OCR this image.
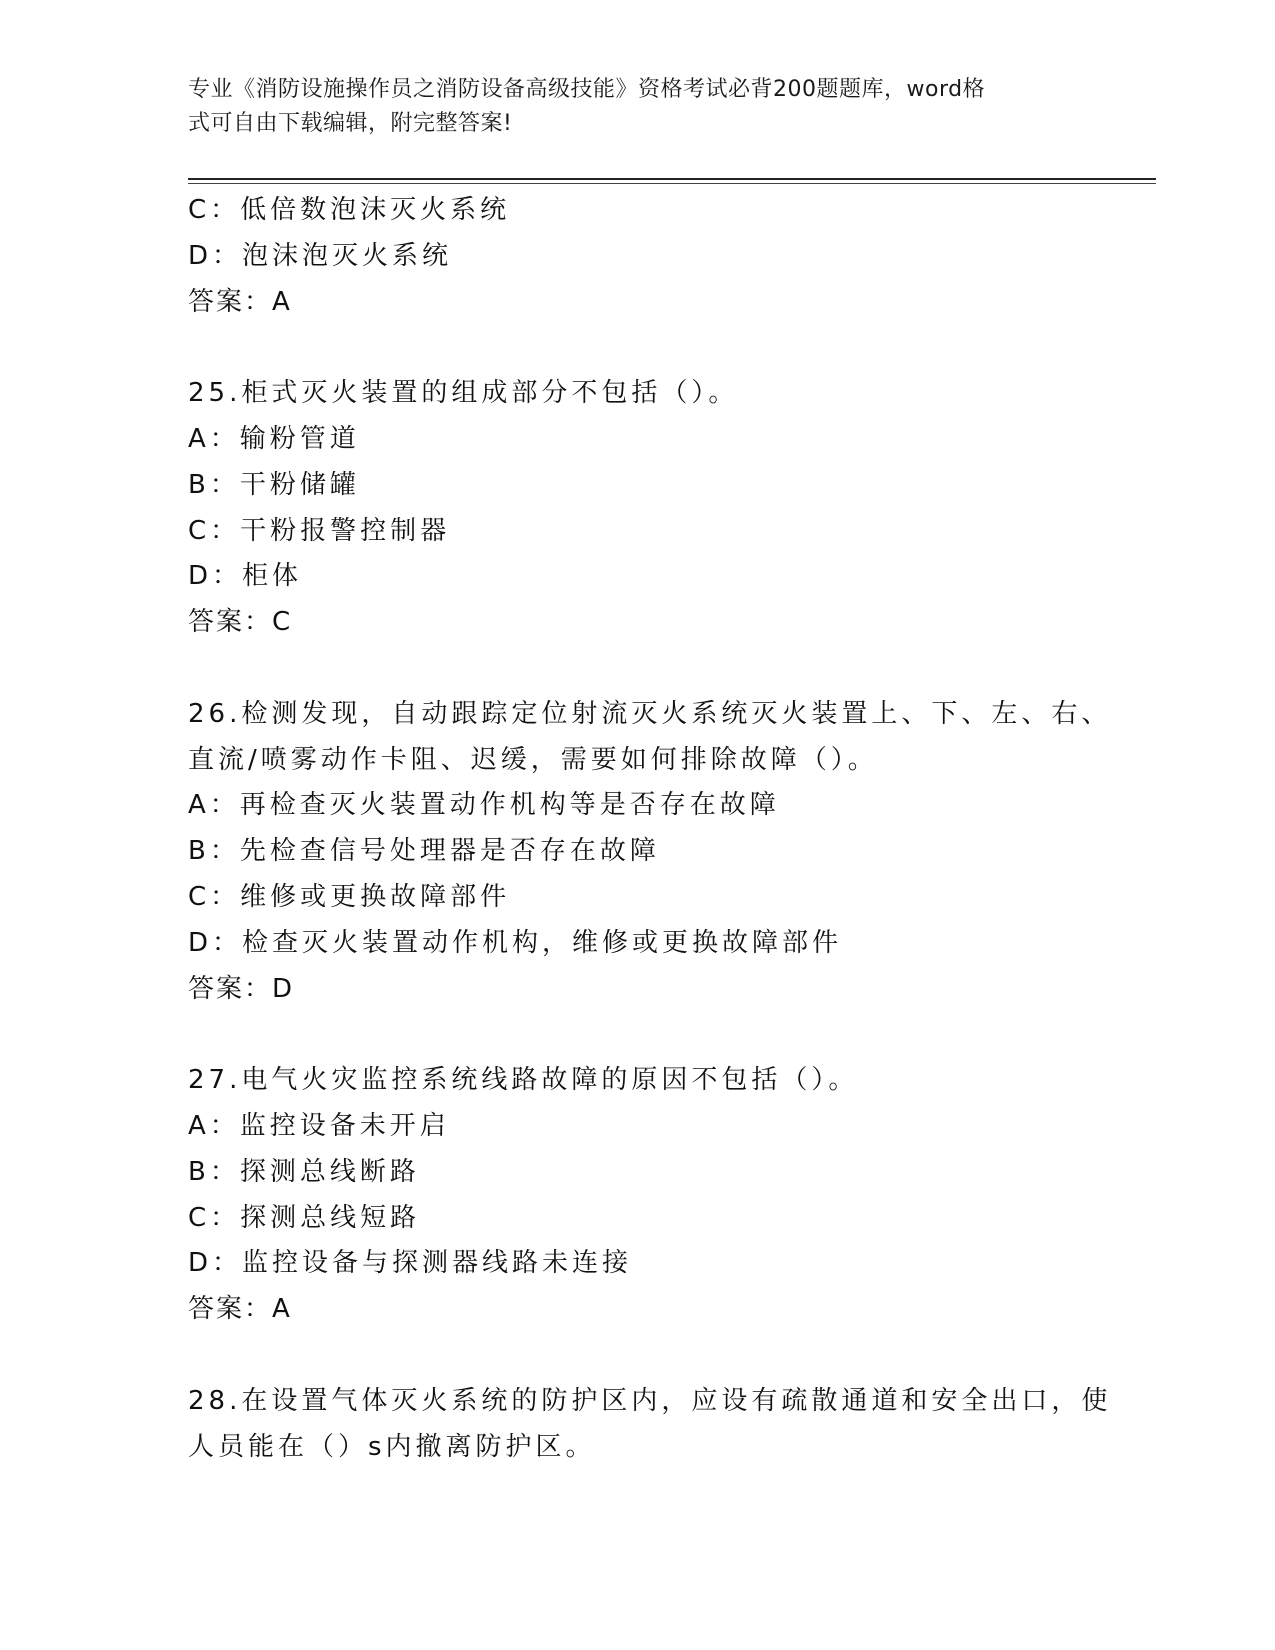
专业《消防设施操作员之消防设备高级技能》资格考试必背200题题库，word格
式可自由下载编辑，附完整答案!
C：低倍数泡沫灭火系统
D：泡沫泡灭火系统
答案：A
25.柜式灭火装置的组成部分不包括（）。
A：输粉管道
B：干粉储罐
C：干粉报警控制器
D：柜体
答案：C
26.检测发现，自动跟踪定位射流灭火系统灭火装置上、下、左、右、
直流/喷雾动作卡阻、迟缓，需要如何排除故障（）。
A：再检查灭火装置动作机构等是否存在故障
B：先检查信号处理器是否存在故障
C：维修或更换故障部件
D：检查灭火装置动作机构，维修或更换故障部件
答案：D
27.电气火灾监控系统线路故障的原因不包括（）。
A：监控设备未开启
B：探测总线断路
C：探测总线短路
D：监控设备与探测器线路未连接
答案：A
28.在设置气体灭火系统的防护区内，应设有疏散通道和安全出口，使
人员能在（）s内撤离防护区。
